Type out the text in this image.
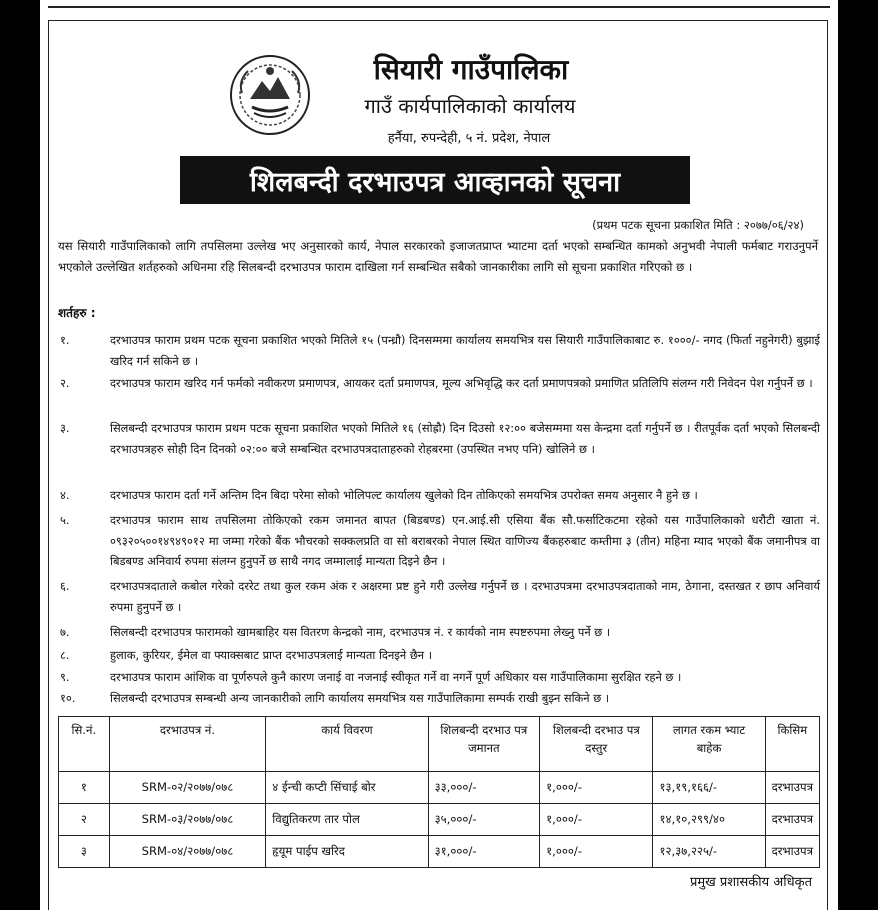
सियारी गाउँपालिका
गाउँ कार्यपालिकाको कार्यालय
हर्नैया, रुपन्देही, ५ नं. प्रदेश, नेपाल
शिलबन्दी दरभाउपत्र आव्हानको सूचना
(प्रथम पटक सूचना प्रकाशित मिति : २०७७/०६/२४)
यस सियारी गाउँपालिकाको लागि तपसिलमा उल्लेख भए अनुसारको कार्य, नेपाल सरकारको इजाजतप्राप्त भ्याटमा दर्ता भएको सम्बन्धित कामको अनुभवी नेपाली फर्मबाट गराउनुपर्ने भएकोले उल्लेखित शर्तहरुको अधिनमा रहि सिलबन्दी दरभाउपत्र फाराम दाखिला गर्न सम्बन्धित सबैको जानकारीका लागि सो सूचना प्रकाशित गरिएको छ ।
शर्तहरु :
१.	दरभाउपत्र फाराम प्रथम पटक सूचना प्रकाशित भएको मितिले १५ (पन्ध्रौ) दिनसम्ममा कार्यालय समयभित्र यस सियारी गाउँपालिकाबाट रु. १०००/- नगद (फिर्ता नहुनेगरी) बुझाई खरिद गर्न सकिने छ ।
२.	दरभाउपत्र फाराम खरिद गर्न फर्मको नवीकरण प्रमाणपत्र, आयकर दर्ता प्रमाणपत्र, मूल्य अभिवृद्धि कर दर्ता प्रमाणपत्रको प्रमाणित प्रतिलिपि संलग्न गरी निवेदन पेश गर्नुपर्ने छ ।
३.	सिलबन्दी दरभाउपत्र फाराम प्रथम पटक सूचना प्रकाशित भएको मितिले १६ (सोह्रौ) दिन दिउसो १२:०० बजेसम्ममा यस केन्द्रमा दर्ता गर्नुपर्ने छ । रीतपूर्वक दर्ता भएको सिलबन्दी दरभाउपत्रहरु सोही दिन दिनको ०२:०० बजे सम्बन्धित दरभाउपत्रदाताहरुको रोहबरमा (उपस्थित नभए पनि) खोलिने छ ।
४.	दरभाउपत्र फाराम दर्ता गर्ने अन्तिम दिन बिदा परेमा सोको भोलिपल्ट कार्यालय खुलेको दिन तोकिएको समयभित्र उपरोक्त समय अनुसार नै हुने छ ।
५.	दरभाउपत्र फाराम साथ तपसिलमा तोकिएको रकम जमानत बापत (बिडबण्ड) एन.आई.सी एसिया बैंक सौ.फर्साटिकटमा रहेको यस गाउँपालिकाको धरौटी खाता नं. ०९३२०५००१४९४९०१२ मा जम्मा गरेको बैंक भौचरको सक्कलप्रति वा सो बराबरको नेपाल स्थित वाणिज्य बैंकहरुबाट कम्तीमा ३ (तीन) महिना म्याद भएको बैंक जमानीपत्र वा बिडबण्ड अनिवार्य रुपमा संलग्न हुनुपर्ने छ साथै नगद जम्मालाई मान्यता दिइने छैन ।
६.	दरभाउपत्रदाताले कबोल गरेको दररेट तथा कुल रकम अंक र अक्षरमा प्रष्ट हुने गरी उल्लेख गर्नुपर्ने छ । दरभाउपत्रमा दरभाउपत्रदाताको नाम, ठेगाना, दस्तखत र छाप अनिवार्य रुपमा हुनुपर्ने छ ।
७.	सिलबन्दी दरभाउपत्र फारामको खामबाहिर यस वितरण केन्द्रको नाम, दरभाउपत्र नं. र कार्यको नाम स्पष्टरुपमा लेख्नु पर्ने छ ।
८.	हुलाक, कुरियर, ईमेल वा फ्याक्सबाट प्राप्त दरभाउपत्रलाई मान्यता दिनइने छैन ।
९.	दरभाउपत्र फाराम आंशिक वा पूर्णरुपले कुनै कारण जनाई वा नजनाई स्वीकृत गर्ने वा नगर्ने पूर्ण अधिकार यस गाउँपालिकामा सुरक्षित रहने छ ।
१०.	सिलबन्दी दरभाउपत्र सम्बन्धी अन्य जानकारीको लागि कार्यालय समयभित्र यस गाउँपालिकामा सम्पर्क राखी बुझ्न सकिने छ ।
सि.नं.	दरभाउपत्र नं.	कार्य विवरण	शिलबन्दी दरभाउ पत्र जमानत	शिलबन्दी दरभाउ पत्र दस्तुर	लागत रकम भ्याट बाहेक	किसिम
१	SRM-०२/२०७७/०७८	४ ईन्ची कप्टी सिंचाई बोर	३३,०००/-	१,०००/-	१३,१९,१६६/-	दरभाउपत्र
२	SRM-०३/२०७७/०७८	विद्युतिकरण तार पोल	३५,०००/-	१,०००/-	१४,१०,२९९/४०	दरभाउपत्र
३	SRM-०४/२०७७/०७८	हृयूम पाईप खरिद	३१,०००/-	१,०००/-	१२,३७,२२५/-	दरभाउपत्र
प्रमुख प्रशासकीय अधिकृत
